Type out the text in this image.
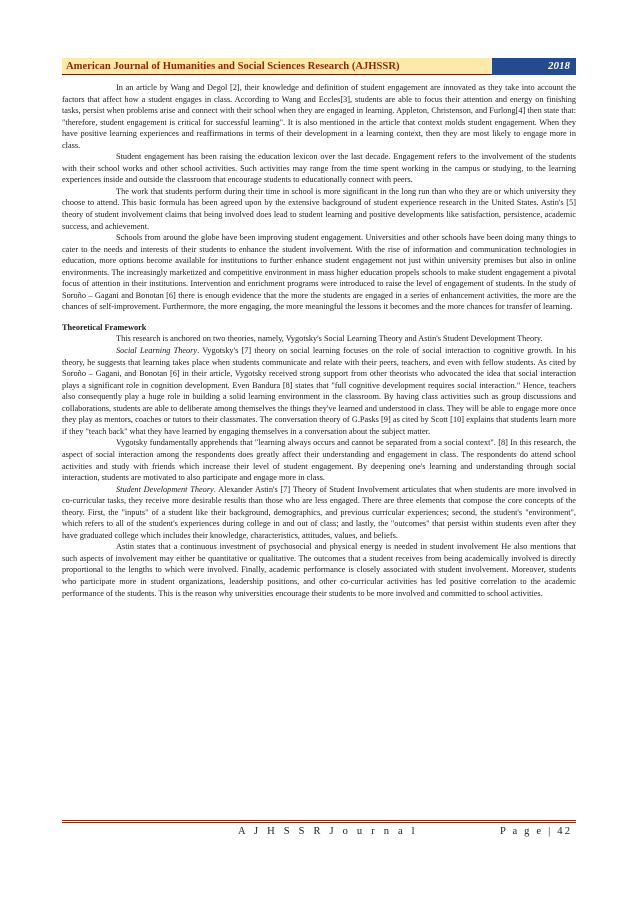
American Journal of Humanities and Social Sciences Research (AJHSSR)	2018

In an article by Wang and Degol [2], their knowledge and definition of student engagement are innovated as they take into account the factors that affect how a student engages in class. According to Wang and Eccles[3], students are able to focus their attention and energy on finishing tasks, persist when problems arise and connect with their school when they are engaged in learning. Appleton, Christenson, and Furlong[4] then state that: "therefore, student engagement is critical for successful learning". It is also mentioned in the article that context molds student engagement. When they have positive learning experiences and reaffirmations in terms of their development in a learning context, then they are most likely to engage more in class.

Student engagement has been raising the education lexicon over the last decade. Engagement refers to the involvement of the students with their school works and other school activities. Such activities may range from the time spent working in the campus or studying, to the learning experiences inside and outside the classroom that encourage students to educationally connect with peers.

The work that students perform during their time in school is more significant in the long run than who they are or which university they choose to attend. This basic formula has been agreed upon by the extensive background of student experience research in the United States. Astin's [5] theory of student involvement claims that being involved does lead to student learning and positive developments like satisfaction, persistence, academic success, and achievement.

Schools from around the globe have been improving student engagement. Universities and other schools have been doing many things to cater to the needs and interests of their students to enhance the student involvement. With the rise of information and communication technologies in education, more options become available for institutions to further enhance student engagement not just within university premises but also in online environments. The increasingly marketized and competitive environment in mass higher education propels schools to make student engagement a pivotal focus of attention in their institutions. Intervention and enrichment programs were introduced to raise the level of engagement of students. In the study of Soroño – Gagani and Bonotan [6] there is enough evidence that the more the students are engaged in a series of enhancement activities, the more are the chances of self-improvement. Furthermore, the more engaging, the more meaningful the lessons it becomes and the more chances for transfer of learning.

Theoretical Framework

This research is anchored on two theories, namely, Vygotsky's Social Learning Theory and Astin's Student Development Theory.

Social Learning Theory. Vygotsky's [7] theory on social learning focuses on the role of social interaction to cognitive growth. In his theory, he suggests that learning takes place when students communicate and relate with their peers, teachers, and even with fellow students. As cited by Soroño – Gagani, and Bonotan [6] in their article, Vygotsky received strong support from other theorists who advocated the idea that social interaction plays a significant role in cognition development. Even Bandura [8] states that "full cognitive development requires social interaction." Hence, teachers also consequently play a huge role in building a solid learning environment in the classroom. By having class activities such as group discussions and collaborations, students are able to deliberate among themselves the things they've learned and understood in class. They will be able to engage more once they play as mentors, coaches or tutors to their classmates. The conversation theory of G.Pasks [9] as cited by Scott [10] explains that students learn more if they "teach back" what they have learned by engaging themselves in a conversation about the subject matter.

Vygotsky fundamentally apprehends that "learning always occurs and cannot be separated from a social context". [8] In this research, the aspect of social interaction among the respondents does greatly affect their understanding and engagement in class. The respondents do attend school activities and study with friends which increase their level of student engagement. By deepening one's learning and understanding through social interaction, students are motivated to also participate and engage more in class.

Student Development Theory. Alexander Astin's [7] Theory of Student Involvement articulates that when students are more involved in co-curricular tasks, they receive more desirable results than those who are less engaged. There are three elements that compose the core concepts of the theory. First, the "inputs" of a student like their background, demographics, and previous curricular experiences; second, the student's "environment", which refers to all of the student's experiences during college in and out of class; and lastly, the "outcomes" that persist within students even after they have graduated college which includes their knowledge, characteristics, attitudes, values, and beliefs.

Astin states that a continuous investment of psychosocial and physical energy is needed in student involvement He also mentions that such aspects of involvement may either be quantitative or qualitative. The outcomes that a student receives from being academically involved is directly proportional to the lengths to which were involved. Finally, academic performance is closely associated with student involvement. Moreover, students who participate more in student organizations, leadership positions, and other co-curricular activities has led positive correlation to the academic performance of the students. This is the reason why universities encourage their students to be more involved and committed to school activities.

A J H S S R J o u r n a l	P a g e | 42
